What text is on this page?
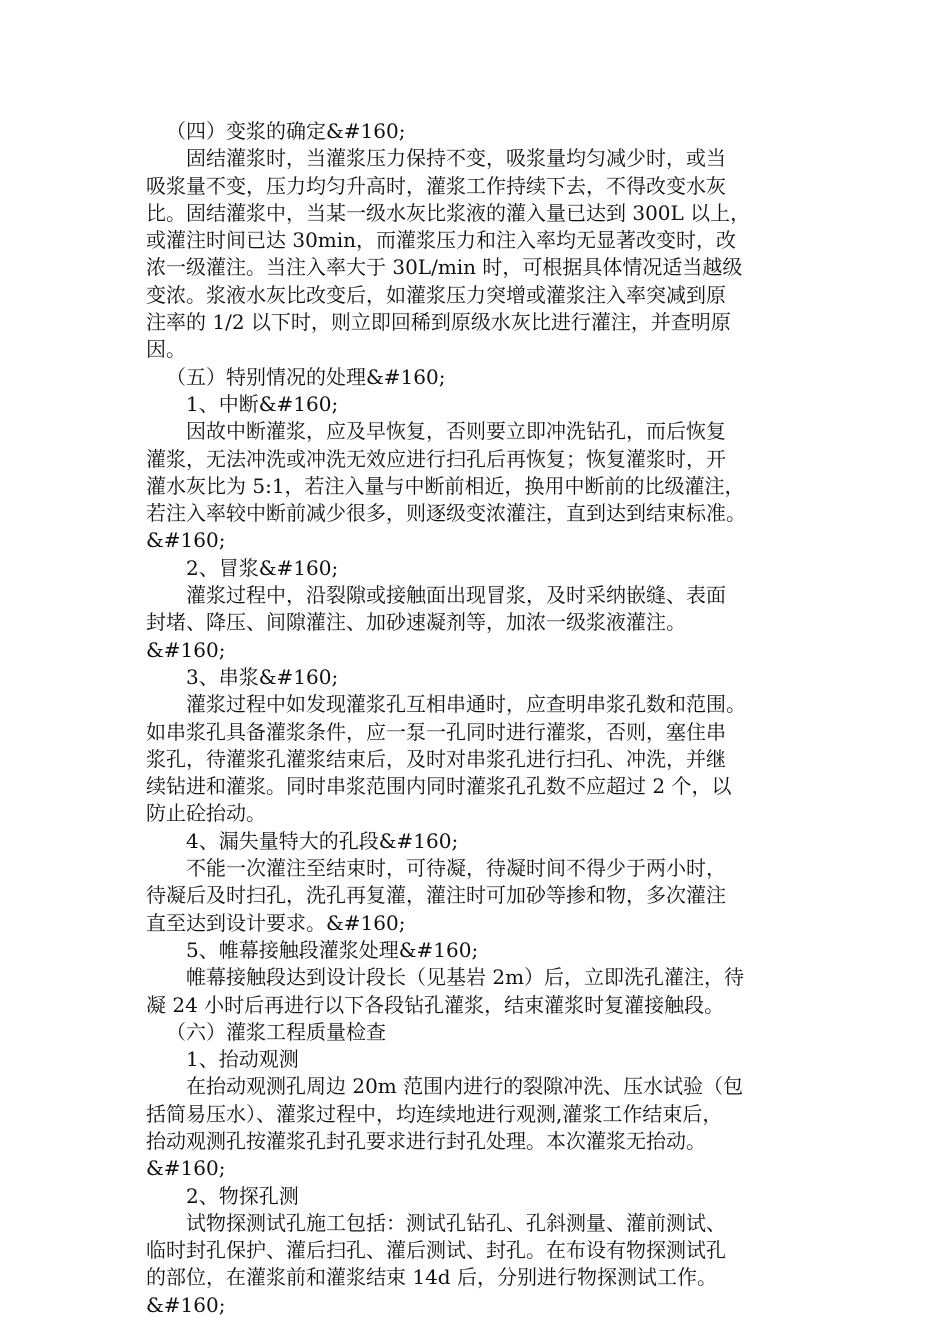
（四）变浆的确定&#160;
固结灌浆时，当灌浆压力保持不变，吸浆量均匀减少时，或当
吸浆量不变，压力均匀升高时，灌浆工作持续下去，不得改变水灰
比。固结灌浆中，当某一级水灰比浆液的灌入量已达到 300L 以上，
或灌注时间已达 30min，而灌浆压力和注入率均无显著改变时，改
浓一级灌注。当注入率大于 30L/min 时，可根据具体情况适当越级
变浓。浆液水灰比改变后，如灌浆压力突增或灌浆注入率突减到原
注率的 1/2 以下时，则立即回稀到原级水灰比进行灌注，并查明原
因。
（五）特别情况的处理&#160;
1、中断&#160;
因故中断灌浆，应及早恢复，否则要立即冲洗钻孔，而后恢复
灌浆，无法冲洗或冲洗无效应进行扫孔后再恢复；恢复灌浆时，开
灌水灰比为 5:1，若注入量与中断前相近，换用中断前的比级灌注，
若注入率较中断前减少很多，则逐级变浓灌注，直到达到结束标准。
&#160;
2、冒浆&#160;
灌浆过程中，沿裂隙或接触面出现冒浆，及时采纳嵌缝、表面
封堵、降压、间隙灌注、加砂速凝剂等，加浓一级浆液灌注。
&#160;
3、串浆&#160;
灌浆过程中如发现灌浆孔互相串通时，应查明串浆孔数和范围。
如串浆孔具备灌浆条件，应一泵一孔同时进行灌浆，否则，塞住串
浆孔，待灌浆孔灌浆结束后，及时对串浆孔进行扫孔、冲洗，并继
续钻进和灌浆。同时串浆范围内同时灌浆孔孔数不应超过 2 个，以
防止砼抬动。
4、漏失量特大的孔段&#160;
不能一次灌注至结束时，可待凝，待凝时间不得少于两小时，
待凝后及时扫孔，洗孔再复灌，灌注时可加砂等掺和物，多次灌注
直至达到设计要求。&#160;
5、帷幕接触段灌浆处理&#160;
帷幕接触段达到设计段长（见基岩 2m）后，立即洗孔灌注，待
凝 24 小时后再进行以下各段钻孔灌浆，结束灌浆时复灌接触段。
（六）灌浆工程质量检查
1、抬动观测
在抬动观测孔周边 20m 范围内进行的裂隙冲洗、压水试验（包
括简易压水）、灌浆过程中，均连续地进行观测,灌浆工作结束后，
抬动观测孔按灌浆孔封孔要求进行封孔处理。本次灌浆无抬动。
&#160;
2、物探孔测
试物探测试孔施工包括：测试孔钻孔、孔斜测量、灌前测试、
临时封孔保护、灌后扫孔、灌后测试、封孔。在布设有物探测试孔
的部位，在灌浆前和灌浆结束 14d 后，分别进行物探测试工作。
&#160;
